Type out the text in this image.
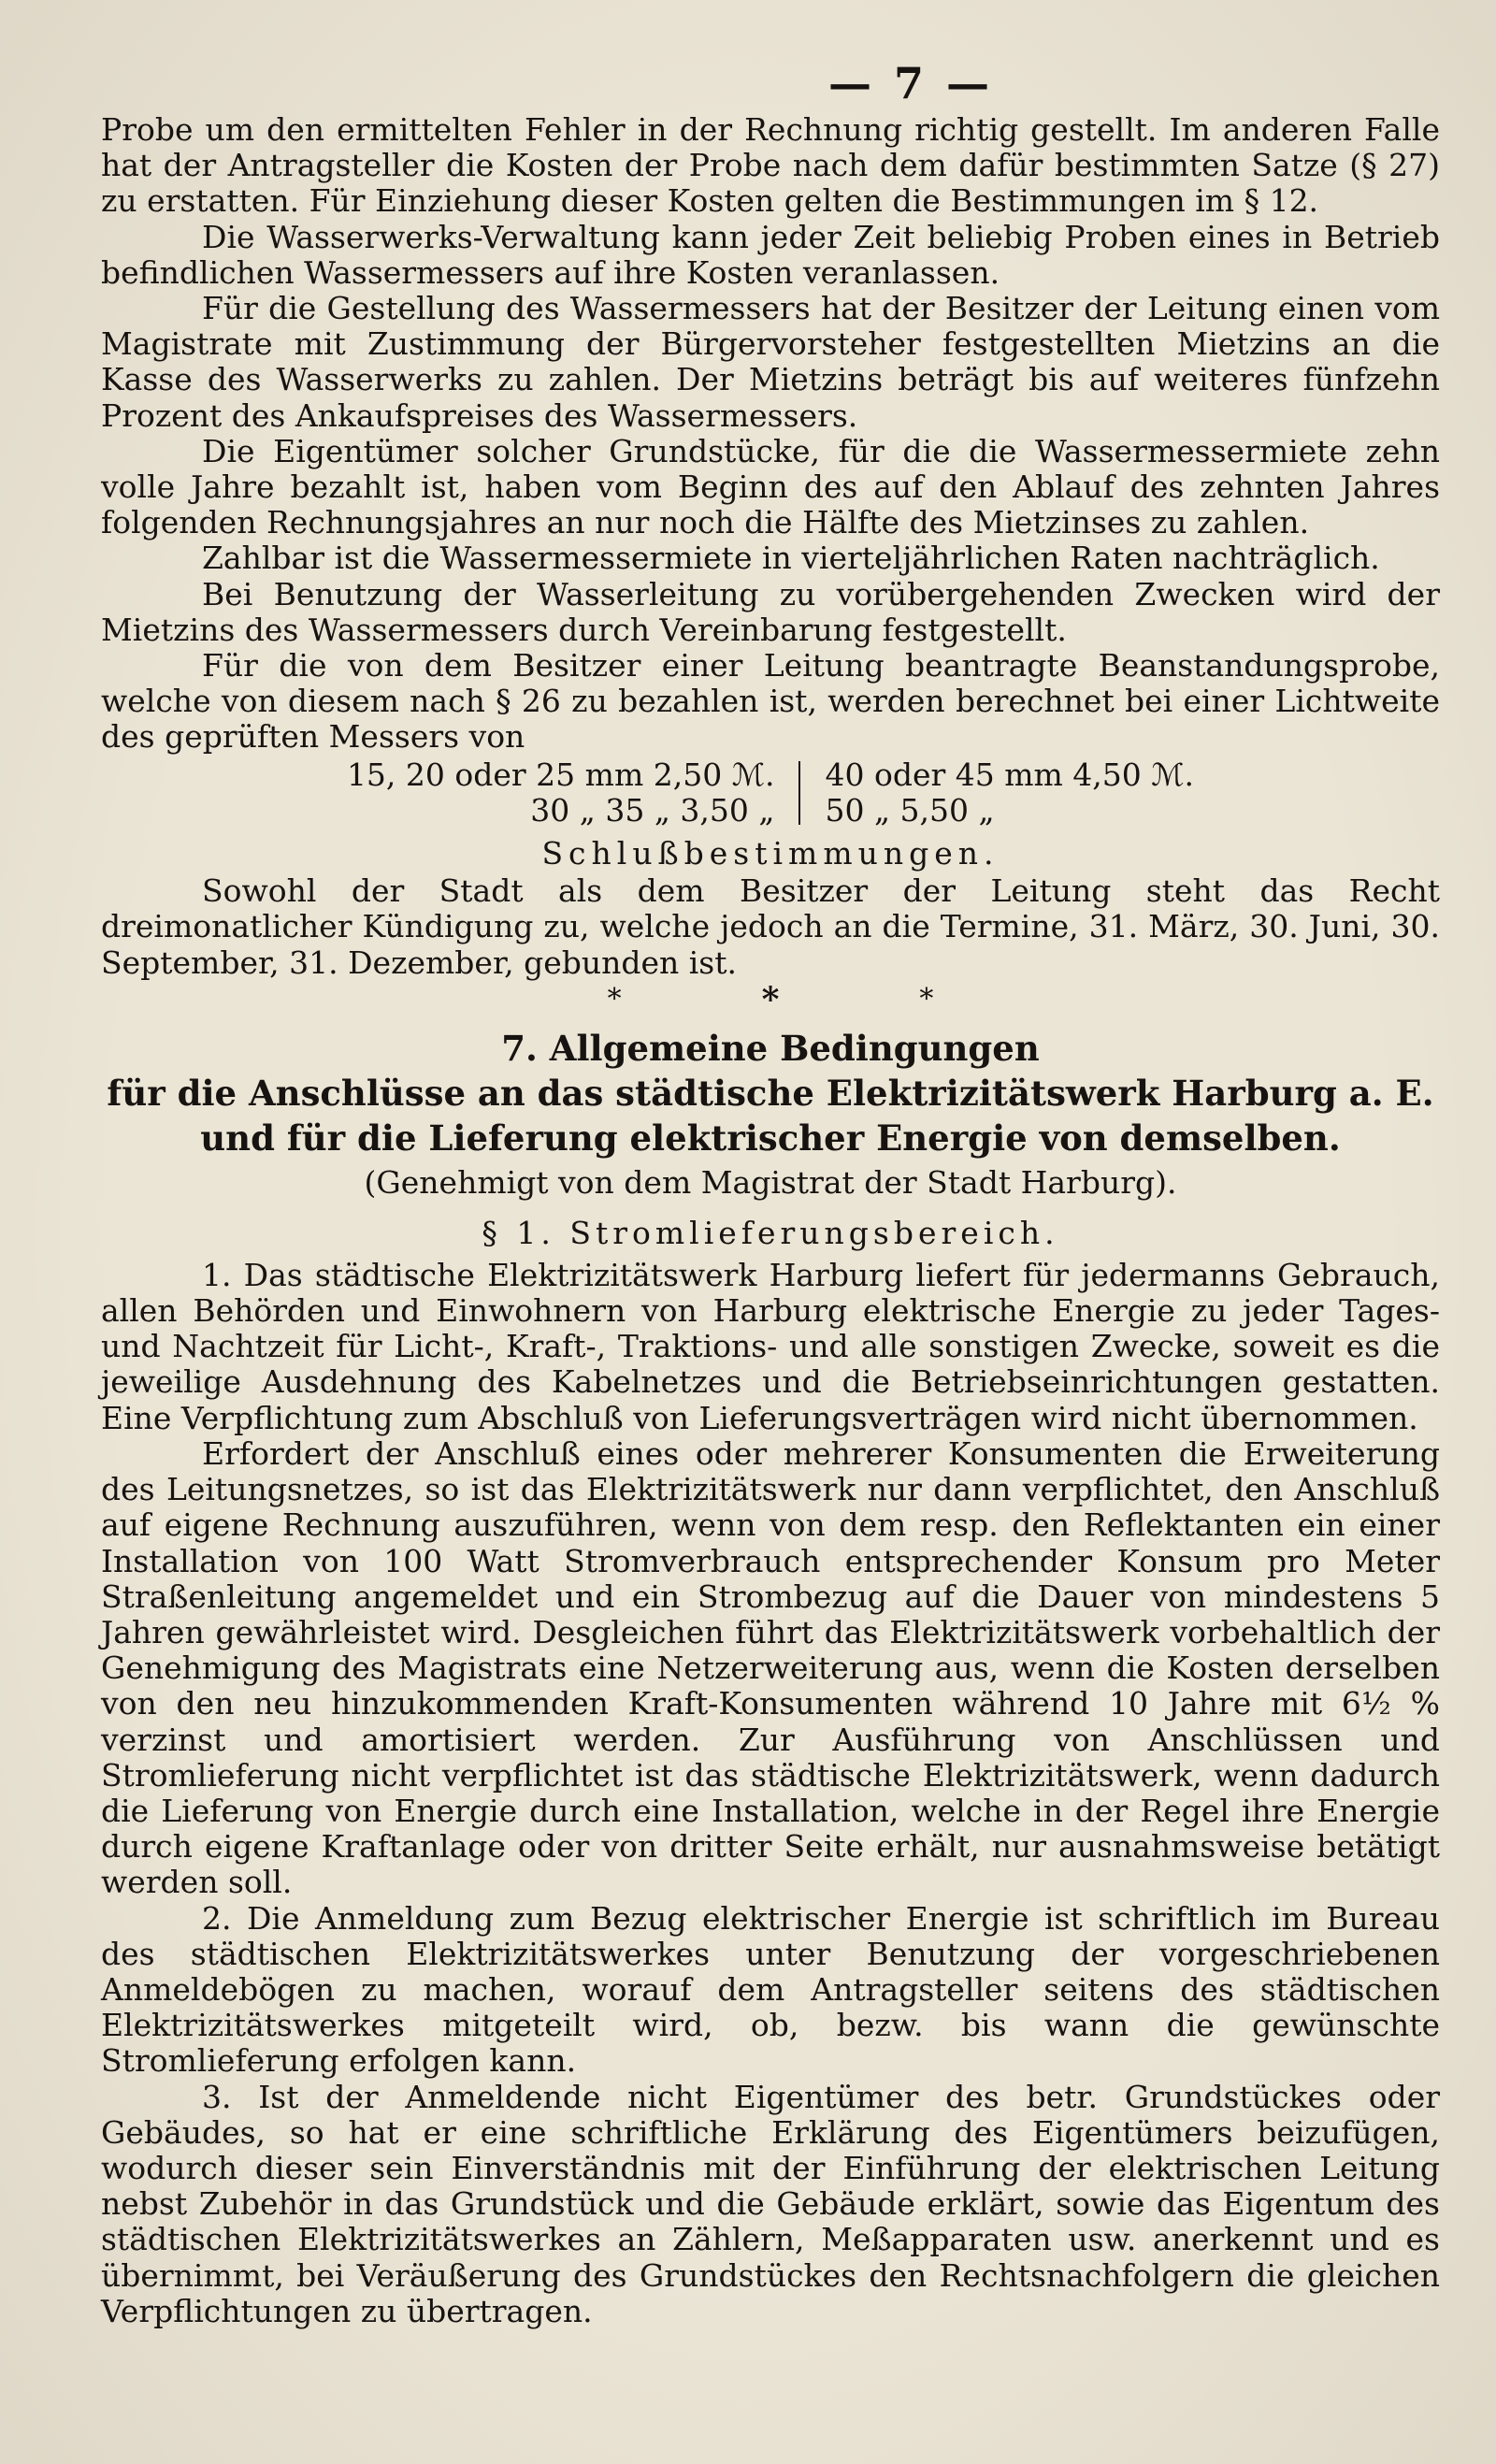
— 7 —

Probe um den ermittelten Fehler in der Rechnung richtig gestellt. Im anderen Falle hat der Antragsteller die Kosten der Probe nach dem dafür bestimmten Satze (§ 27) zu erstatten. Für Einziehung dieser Kosten gelten die Bestimmungen im § 12.

Die Wasserwerks-Verwaltung kann jeder Zeit beliebig Proben eines in Betrieb befindlichen Wassermessers auf ihre Kosten veranlassen.

Für die Gestellung des Wassermessers hat der Besitzer der Leitung einen vom Magistrate mit Zustimmung der Bürgervorsteher festgestellten Mietzins an die Kasse des Wasserwerks zu zahlen. Der Mietzins beträgt bis auf weiteres fünfzehn Prozent des Ankaufspreises des Wassermessers.

Die Eigentümer solcher Grundstücke, für die die Wassermessermiete zehn volle Jahre bezahlt ist, haben vom Beginn des auf den Ablauf des zehnten Jahres folgenden Rechnungsjahres an nur noch die Hälfte des Mietzinses zu zahlen.

Zahlbar ist die Wassermessermiete in vierteljährlichen Raten nachträglich.

Bei Benutzung der Wasserleitung zu vorübergehenden Zwecken wird der Mietzins des Wassermessers durch Vereinbarung festgestellt.

Für die von dem Besitzer einer Leitung beantragte Beanstandungsprobe, welche von diesem nach § 26 zu bezahlen ist, werden berechnet bei einer Lichtweite des geprüften Messers von

15, 20 oder 25 mm 2,50 ℳ.
30 „ 35 „ 3,50 „
40 oder 45 mm 4,50 ℳ.
50 „ 5,50 „
Schlußbestimmungen.

Sowohl der Stadt als dem Besitzer der Leitung steht das Recht dreimonatlicher Kündigung zu, welche jedoch an die Termine, 31. März, 30. Juni, 30. September, 31. Dezember, gebunden ist.

*	*	*
7. Allgemeine Bedingungen
für die Anschlüsse an das städtische Elektrizitätswerk Harburg a. E.
und für die Lieferung elektrischer Energie von demselben.
(Genehmigt von dem Magistrat der Stadt Harburg).
§ 1. Stromlieferungsbereich.

1. Das städtische Elektrizitätswerk Harburg liefert für jedermanns Gebrauch, allen Behörden und Einwohnern von Harburg elektrische Energie zu jeder Tages- und Nachtzeit für Licht-, Kraft-, Traktions- und alle sonstigen Zwecke, soweit es die jeweilige Ausdehnung des Kabelnetzes und die Betriebseinrichtungen gestatten. Eine Verpflichtung zum Abschluß von Lieferungsverträgen wird nicht übernommen.

Erfordert der Anschluß eines oder mehrerer Konsumenten die Erweiterung des Leitungsnetzes, so ist das Elektrizitätswerk nur dann verpflichtet, den Anschluß auf eigene Rechnung auszuführen, wenn von dem resp. den Reflektanten ein einer Installation von 100 Watt Stromverbrauch entsprechender Konsum pro Meter Straßenleitung angemeldet und ein Strombezug auf die Dauer von mindestens 5 Jahren gewährleistet wird. Desgleichen führt das Elektrizitätswerk vorbehaltlich der Genehmigung des Magistrats eine Netzerweiterung aus, wenn die Kosten derselben von den neu hinzukommenden Kraft-Konsumenten während 10 Jahre mit 6½ % verzinst und amortisiert werden. Zur Ausführung von Anschlüssen und Stromlieferung nicht verpflichtet ist das städtische Elektrizitätswerk, wenn dadurch die Lieferung von Energie durch eine Installation, welche in der Regel ihre Energie durch eigene Kraftanlage oder von dritter Seite erhält, nur ausnahmsweise betätigt werden soll.

2. Die Anmeldung zum Bezug elektrischer Energie ist schriftlich im Bureau des städtischen Elektrizitätswerkes unter Benutzung der vorgeschriebenen Anmeldebögen zu machen, worauf dem Antragsteller seitens des städtischen Elektrizitätswerkes mitgeteilt wird, ob, bezw. bis wann die gewünschte Stromlieferung erfolgen kann.

3. Ist der Anmeldende nicht Eigentümer des betr. Grundstückes oder Gebäudes, so hat er eine schriftliche Erklärung des Eigentümers beizufügen, wodurch dieser sein Einverständnis mit der Einführung der elektrischen Leitung nebst Zubehör in das Grundstück und die Gebäude erklärt, sowie das Eigentum des städtischen Elektrizitätswerkes an Zählern, Meßapparaten usw. anerkennt und es übernimmt, bei Veräußerung des Grundstückes den Rechtsnachfolgern die gleichen Verpflichtungen zu übertragen.
